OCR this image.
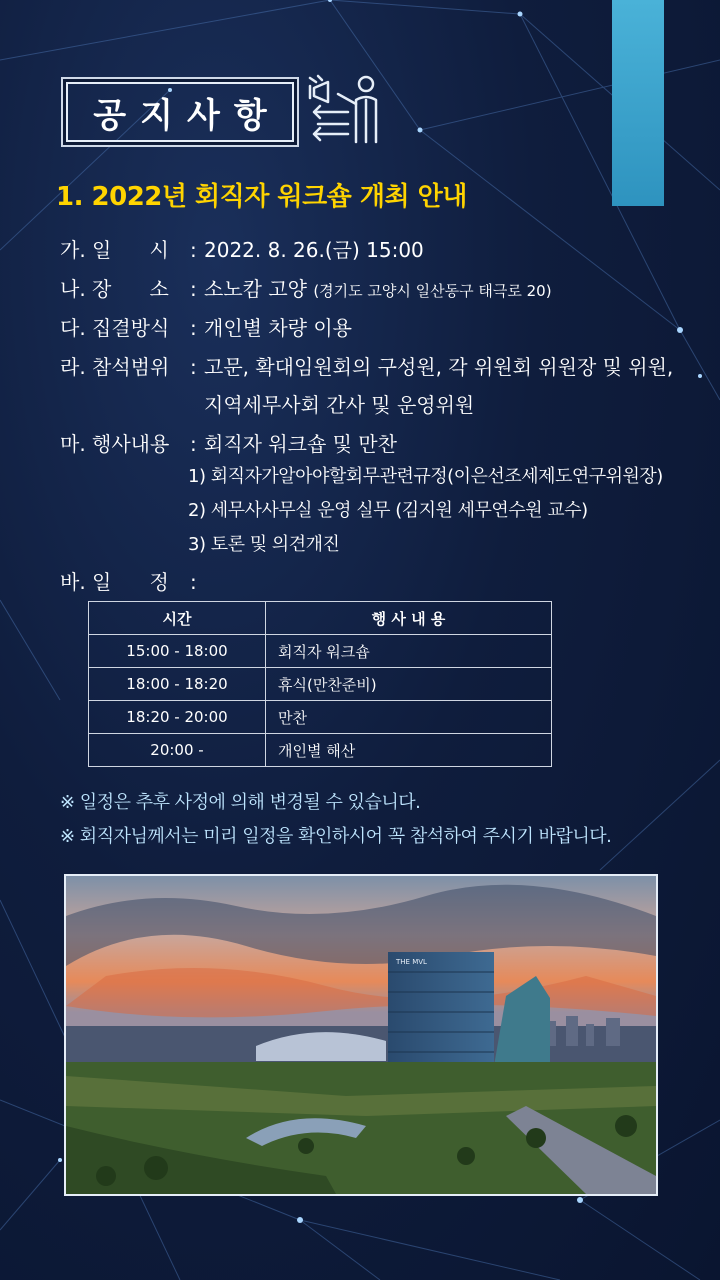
공지사항
1. 2022년 회직자 워크숍 개최 안내
가. 일      시 : 2022. 8. 26.(금) 15:00
나. 장      소 : 소노캄 고양 (경기도 고양시 일산동구 태극로 20)
다. 집결방식 : 개인별 차량 이용
라. 참석범위 : 고문, 확대임원회의 구성원, 각 위원회 위원장 및 위원,
지역세무사회 간사 및 운영위원
마. 행사내용 : 회직자 워크숍 및 만찬
1) 회직자가알아야할회무관련규정(이은선조세제도연구위원장)
2) 세무사사무실 운영 실무 (김지원 세무연수원 교수)
3) 토론 및 의견개진
바. 일      정 :
시간	행 사 내 용
15:00 - 18:00	회직자 워크숍
18:00 - 18:20	휴식(만찬준비)
18:20 - 20:00	만찬
20:00 -	개인별 해산
※ 일정은 추후 사정에 의해 변경될 수 있습니다.
※ 회직자님께서는 미리 일정을 확인하시어 꼭 참석하여 주시기 바랍니다.
THE MVL
